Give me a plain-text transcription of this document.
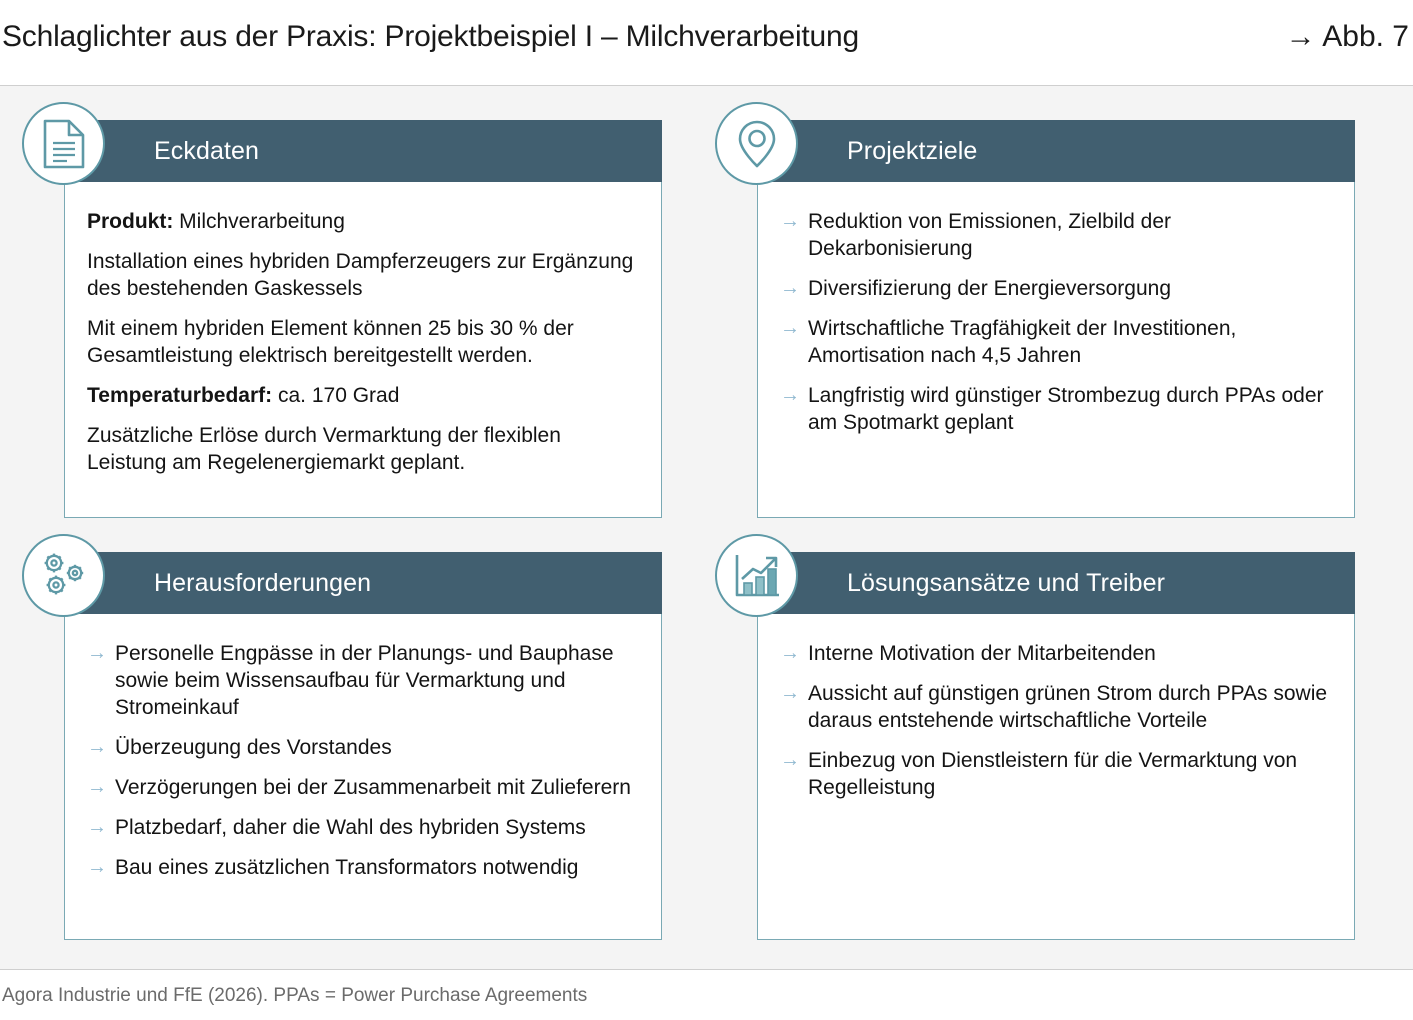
Schlaglichter aus der Praxis: Projektbeispiel I – Milchverarbeitung	→ Abb. 7
Eckdaten

Produkt: Milchverarbeitung

Installation eines hybriden Dampferzeugers zur Ergänzung des bestehenden Gaskessels

Mit einem hybriden Element können 25 bis 30 % der Gesamtleistung elektrisch bereitgestellt werden.

Temperaturbedarf: ca. 170 Grad

Zusätzliche Erlöse durch Vermarktung der flexiblen Leistung am Regelenergiemarkt geplant.

Projektziele
→ Reduktion von Emissionen, Zielbild der Dekarbonisierung
→ Diversifizierung der Energieversorgung
→ Wirtschaftliche Tragfähigkeit der Investitionen, Amortisation nach 4,5 Jahren
→ Langfristig wird günstiger Strombezug durch PPAs oder am Spotmarkt geplant
Herausforderungen
→ Personelle Engpässe in der Planungs- und Bauphase sowie beim Wissensaufbau für Vermarktung und Stromeinkauf
→ Überzeugung des Vorstandes
→ Verzögerungen bei der Zusammenarbeit mit Zulieferern
→ Platzbedarf, daher die Wahl des hybriden Systems
→ Bau eines zusätzlichen Transformators notwendig
Lösungsansätze und Treiber
→ Interne Motivation der Mitarbeitenden
→ Aussicht auf günstigen grünen Strom durch PPAs sowie daraus entstehende wirtschaftliche Vorteile
→ Einbezug von Dienstleistern für die Vermarktung von Regelleistung
Agora Industrie und FfE (2026). PPAs = Power Purchase Agreements
